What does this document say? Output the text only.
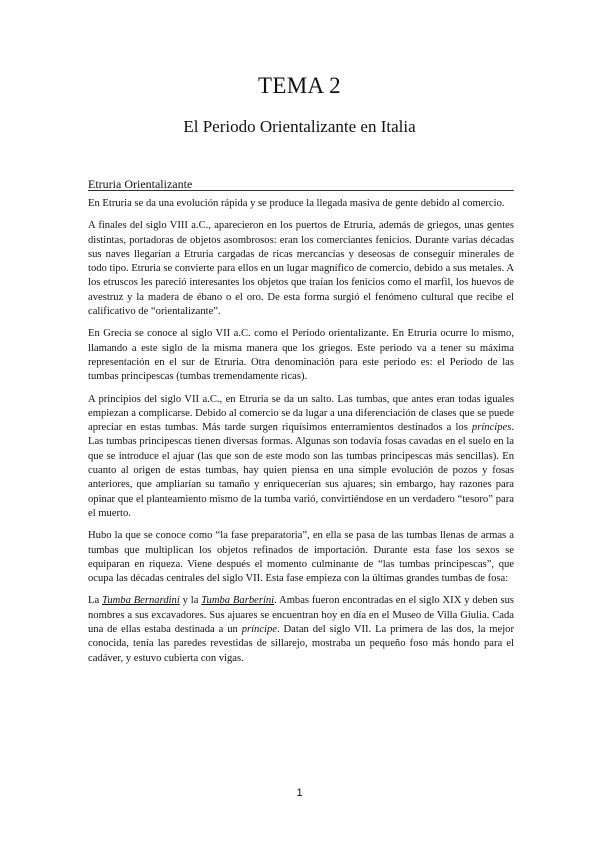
TEMA 2
El Periodo Orientalizante en Italia
Etruria Orientalizante

En Etruria se da una evolución rápida y se produce la llegada masiva de gente debido al comercio.

A finales del siglo VIII a.C., aparecieron en los puertos de Etruria, además de griegos, unas gentes distintas, portadoras de objetos asombrosos: eran los comerciantes fenicios. Durante varias décadas sus naves llegarían a Etruria cargadas de ricas mercancías y deseosas de conseguir minerales de todo tipo. Etruria se convierte para ellos en un lugar magnífico de comercio, debido a sus metales. A los etruscos les pareció interesantes los objetos que traían los fenicios como el marfil, los huevos de avestruz y la madera de ébano o el oro. De esta forma surgió el fenómeno cultural que recibe el calificativo de “orientalizante”.

En Grecia se conoce al siglo VII a.C. como el Periodo orientalizante. En Etruria ocurre lo mismo, llamando a este siglo de la misma manera que los griegos. Este periodo va a tener su máxima representación en el sur de Etruria. Otra denominación para este periodo es: el Periodo de las tumbas principescas (tumbas tremendamente ricas).

A principios del siglo VII a.C., en Etruria se da un salto. Las tumbas, que antes eran todas iguales empiezan a complicarse. Debido al comercio se da lugar a una diferenciación de clases que se puede apreciar en estas tumbas. Más tarde surgen riquísimos enterramientos destinados a los príncipes. Las tumbas principescas tienen diversas formas. Algunas son todavía fosas cavadas en el suelo en la que se introduce el ajuar (las que son de este modo son las tumbas principescas más sencillas). En cuanto al origen de estas tumbas, hay quien piensa en una simple evolución de pozos y fosas anteriores, que ampliarían su tamaño y enriquecerían sus ajuares; sin embargo, hay razones para opinar que el planteamiento mismo de la tumba varió, convirtiéndose en un verdadero “tesoro” para el muerto.

Hubo la que se conoce como “la fase preparatoria”, en ella se pasa de las tumbas llenas de armas a tumbas que multiplican los objetos refinados de importación. Durante esta fase los sexos se equiparan en riqueza. Viene después el momento culminante de “las tumbas principescas”, que ocupa las décadas centrales del siglo VII. Esta fase empieza con la últimas grandes tumbas de fosa:

La Tumba Bernardini y la Tumba Barberini. Ambas fueron encontradas en el siglo XIX y deben sus nombres a sus excavadores. Sus ajuares se encuentran hoy en día en el Museo de Villa Giulia. Cada una de ellas estaba destinada a un príncipe. Datan del siglo VII. La primera de las dos, la mejor conocida, tenía las paredes revestidas de sillarejo, mostraba un pequeño foso más hondo para el cadáver, y estuvo cubierta con vigas.

1
